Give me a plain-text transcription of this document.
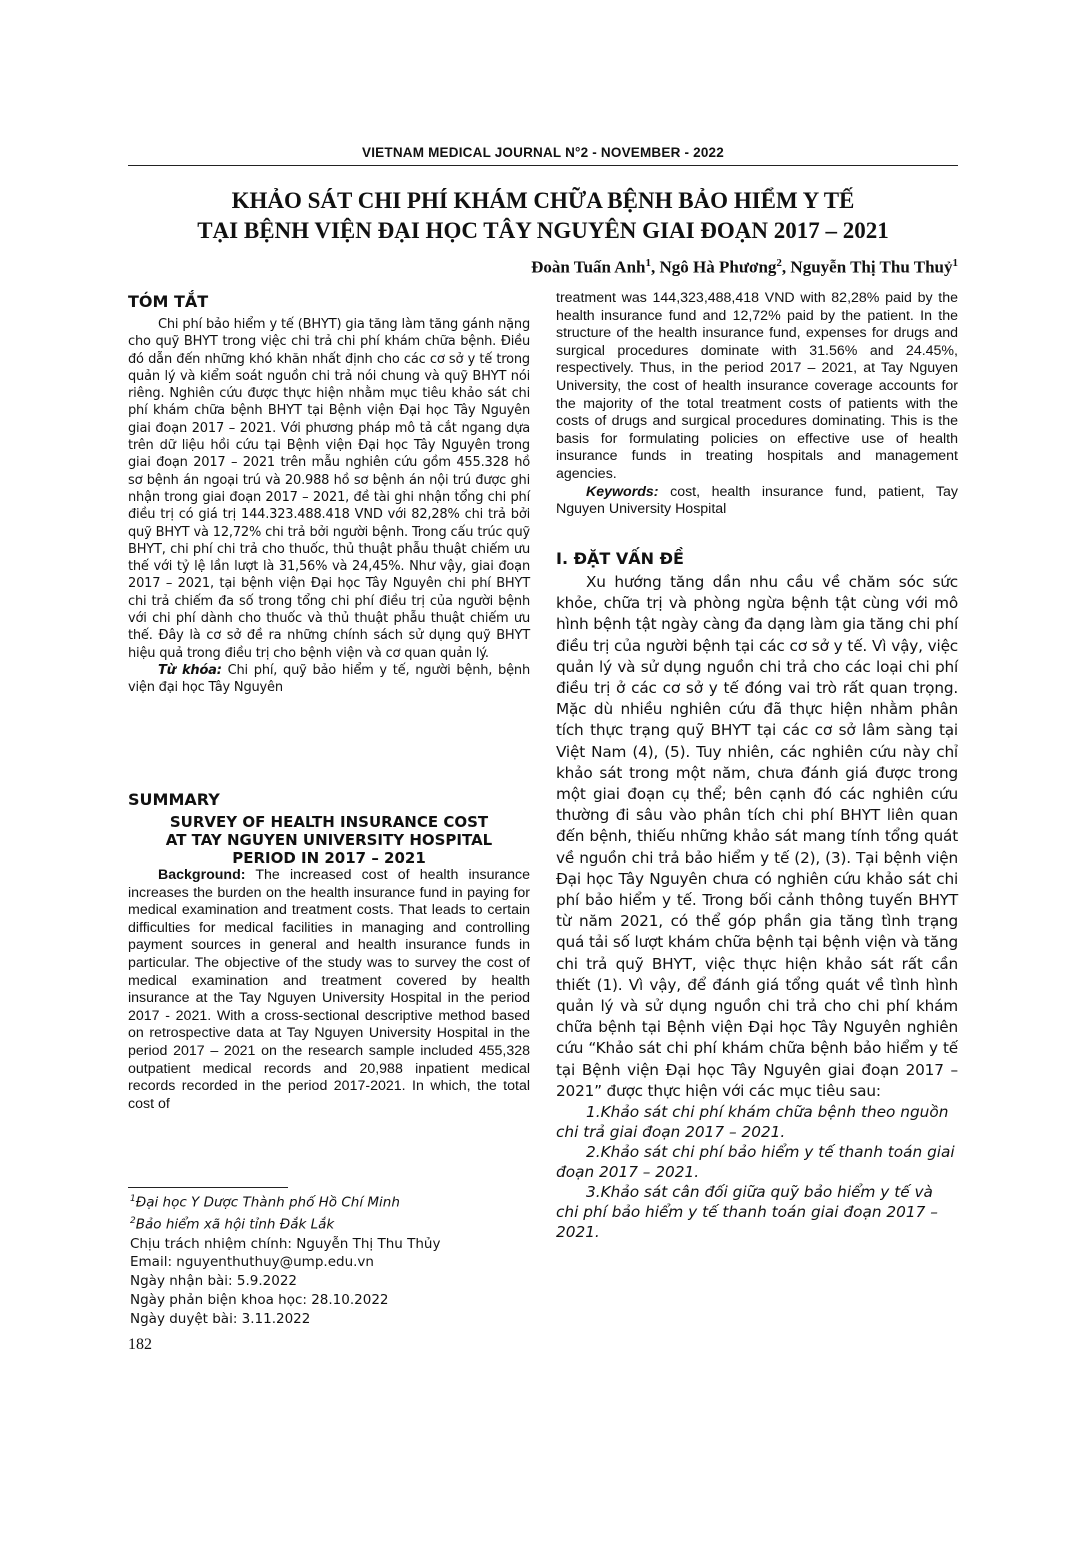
VIETNAM MEDICAL JOURNAL N°2 - NOVEMBER - 2022
KHẢO SÁT CHI PHÍ KHÁM CHỮA BỆNH BẢO HIỂM Y TẾ
TẠI BỆNH VIỆN ĐẠI HỌC TÂY NGUYÊN GIAI ĐOẠN 2017 – 2021
Đoàn Tuấn Anh$^1$, Ngô Hà Phương$^2$, Nguyễn Thị Thu Thuỷ$^1$
TÓM TẮT

Chi phí bảo hiểm y tế (BHYT) gia tăng làm tăng gánh nặng cho quỹ BHYT trong việc chi trả chi phí khám chữa bệnh. Điều đó dẫn đến những khó khăn nhất định cho các cơ sở y tế trong quản lý và kiểm soát nguồn chi trả nói chung và quỹ BHYT nói riêng. Nghiên cứu được thực hiện nhằm mục tiêu khảo sát chi phí khám chữa bệnh BHYT tại Bệnh viện Đại học Tây Nguyên giai đoạn 2017 – 2021. Với phương pháp mô tả cắt ngang dựa trên dữ liệu hồi cứu tại Bệnh viện Đại học Tây Nguyên trong giai đoạn 2017 – 2021 trên mẫu nghiên cứu gồm 455.328 hồ sơ bệnh án ngoại trú và 20.988 hồ sơ bệnh án nội trú được ghi nhận trong giai đoạn 2017 – 2021, đề tài ghi nhận tổng chi phí điều trị có giá trị 144.323.488.418 VND với 82,28% chi trả bởi quỹ BHYT và 12,72% chi trả bởi người bệnh. Trong cấu trúc quỹ BHYT, chi phí chi trả cho thuốc, thủ thuật phẫu thuật chiếm ưu thế với tỷ lệ lần lượt là 31,56% và 24,45%. Như vậy, giai đoạn 2017 – 2021, tại bệnh viện Đại học Tây Nguyên chi phí BHYT chi trả chiếm đa số trong tổng chi phí điều trị của người bệnh với chi phí dành cho thuốc và thủ thuật phẫu thuật chiếm ưu thế. Đây là cơ sở đề ra những chính sách sử dụng quỹ BHYT hiệu quả trong điều trị cho bệnh viện và cơ quan quản lý.

Từ khóa: Chi phí, quỹ bảo hiểm y tế, người bệnh, bệnh viện đại học Tây Nguyên

SUMMARY
SURVEY OF HEALTH INSURANCE COST
AT TAY NGUYEN UNIVERSITY HOSPITAL
PERIOD IN 2017 – 2021

Background: The increased cost of health insurance increases the burden on the health insurance fund in paying for medical examination and treatment costs. That leads to certain difficulties for medical facilities in managing and controlling payment sources in general and health insurance funds in particular. The objective of the study was to survey the cost of medical examination and treatment covered by health insurance at the Tay Nguyen University Hospital in the period 2017 - 2021. With a cross-sectional descriptive method based on retrospective data at Tay Nguyen University Hospital in the period 2017 – 2021 on the research sample included 455,328 outpatient medical records and 20,988 inpatient medical records recorded in the period 2017-2021. In which, the total cost of

$^1$Đại học Y Dược Thành phố Hồ Chí Minh
$^2$Bảo hiểm xã hội tỉnh Đắk Lắk
Chịu trách nhiệm chính: Nguyễn Thị Thu Thủy
Email: nguyenthuthuy@ump.edu.vn
Ngày nhận bài: 5.9.2022
Ngày phản biện khoa học: 28.10.2022
Ngày duyệt bài: 3.11.2022
182

treatment was 144,323,488,418 VND with 82,28% paid by the health insurance fund and 12,72% paid by the patient. In the structure of the health insurance fund, expenses for drugs and surgical procedures dominate with 31.56% and 24.45%, respectively. Thus, in the period 2017 – 2021, at Tay Nguyen University, the cost of health insurance coverage accounts for the majority of the total treatment costs of patients with the costs of drugs and surgical procedures dominating. This is the basis for formulating policies on effective use of health insurance funds in treating hospitals and management agencies.

Keywords: cost, health insurance fund, patient, Tay Nguyen University Hospital

I. ĐẶT VẤN ĐỀ

Xu hướng tăng dần nhu cầu về chăm sóc sức khỏe, chữa trị và phòng ngừa bệnh tật cùng với mô hình bệnh tật ngày càng đa dạng làm gia tăng chi phí điều trị của người bệnh tại các cơ sở y tế. Vì vậy, việc quản lý và sử dụng nguồn chi trả cho các loại chi phí điều trị ở các cơ sở y tế đóng vai trò rất quan trọng. Mặc dù nhiều nghiên cứu đã thực hiện nhằm phân tích thực trạng quỹ BHYT tại các cơ sở lâm sàng tại Việt Nam (4), (5). Tuy nhiên, các nghiên cứu này chỉ khảo sát trong một năm, chưa đánh giá được trong một giai đoạn cụ thể; bên cạnh đó các nghiên cứu thường đi sâu vào phân tích chi phí BHYT liên quan đến bệnh, thiếu những khảo sát mang tính tổng quát về nguồn chi trả bảo hiểm y tế (2), (3). Tại bệnh viện Đại học Tây Nguyên chưa có nghiên cứu khảo sát chi phí bảo hiểm y tế. Trong bối cảnh thông tuyến BHYT từ năm 2021, có thể góp phần gia tăng tình trạng quá tải số lượt khám chữa bệnh tại bệnh viện và tăng chi trả quỹ BHYT, việc thực hiện khảo sát rất cần thiết (1). Vì vậy, để đánh giá tổng quát về tình hình quản lý và sử dụng nguồn chi trả cho chi phí khám chữa bệnh tại Bệnh viện Đại học Tây Nguyên nghiên cứu “Khảo sát chi phí khám chữa bệnh bảo hiểm y tế tại Bệnh viện Đại học Tây Nguyên giai đoạn 2017 – 2021” được thực hiện với các mục tiêu sau:

1.Khảo sát chi phí khám chữa bệnh theo nguồn chi trả giai đoạn 2017 – 2021.

2.Khảo sát chi phí bảo hiểm y tế thanh toán giai đoạn 2017 – 2021.

3.Khảo sát cân đối giữa quỹ bảo hiểm y tế và chi phí bảo hiểm y tế thanh toán giai đoạn 2017 – 2021.
